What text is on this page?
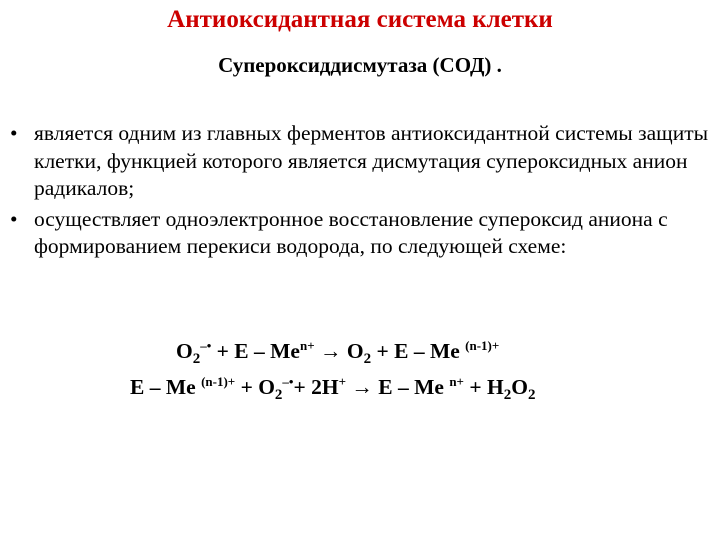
Антиоксидантная система клетки
Супероксиддисмутаза (СОД) .
• является одним из главных ферментов антиоксидантной системы защиты клетки, функцией которого является дисмутация супероксидных анион радикалов;
• осуществляет одноэлектронное восстановление супероксид аниона с формированием перекиси водорода, по следующей схеме:
$O_2^{-•} + E - Me^{n+} \to O_2 + E - Me$ $^{(n-1)+}$
E – Me $^{(n-1)+} + O_2^{-•}+ 2H^+ \to E - Me$ $^{n+} + H_2O_2$
